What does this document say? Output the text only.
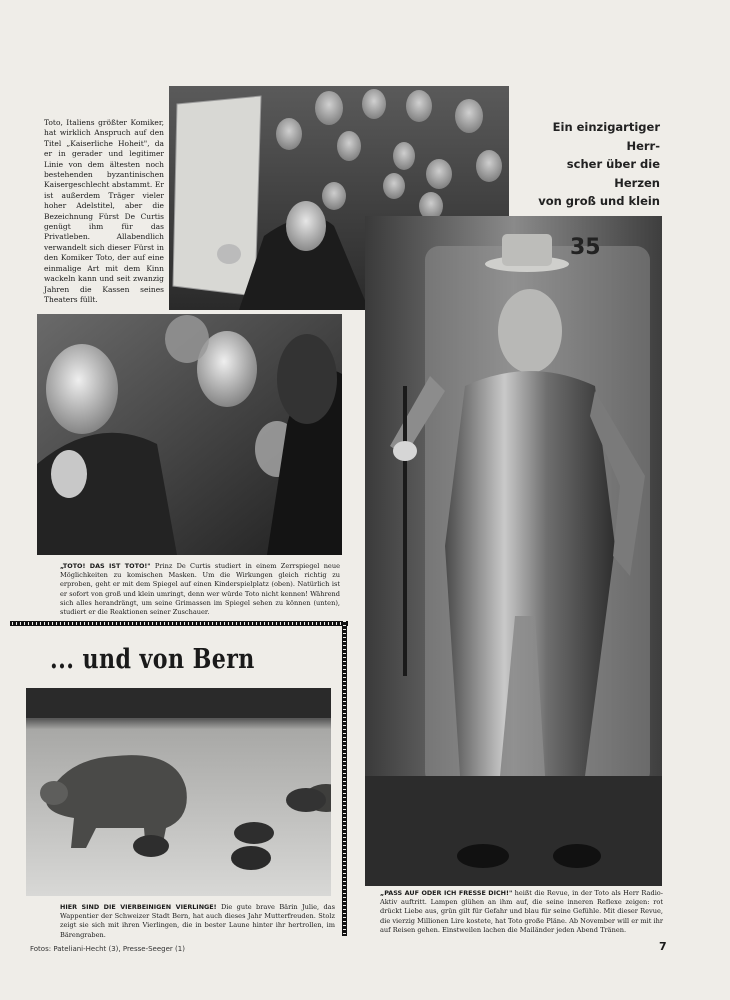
Toto, Italiens größter Komiker, hat wirklich Anspruch auf den Titel „Kaiserliche Hoheit", da er in gerader und legitimer Linie von dem ältesten noch bestehenden byzantinischen Kaisergeschlecht abstammt. Er ist außerdem Träger vieler hoher Adelstitel, aber die Bezeichnung Fürst De Curtis genügt ihm für das Privatleben. Allabendlich verwandelt sich dieser Fürst in den Komiker Toto, der auf eine einmalige Art mit dem Kinn wackeln kann und seit zwanzig Jahren die Kassen seines Theaters füllt.
Ein einzigartiger Herr-
scher über die Herzen
von groß und klein
„TOTO! DAS IST TOTO!" Prinz De Curtis studiert in einem Zerrspiegel neue Möglichkeiten zu komischen Masken. Um die Wirkungen gleich richtig zu erproben, geht er mit dem Spiegel auf einen Kinderspielplatz (oben). Natürlich ist er sofort von groß und klein umringt, denn wer würde Toto nicht kennen! Während sich alles herandrängt, um seine Grimassen im Spiegel sehen zu können (unten), studiert er die Reaktionen seiner Zuschauer.
35
„PASS AUF ODER ICH FRESSE DICH!" heißt die Revue, in der Toto als Herr Radio-Aktiv auftritt. Lampen glühen an ihm auf, die seine inneren Reflexe zeigen: rot drückt Liebe aus, grün gilt für Gefahr und blau für seine Gefühle. Mit dieser Revue, die vierzig Millionen Lire kostete, hat Toto große Pläne. Ab November will er mit ihr auf Reisen gehen. Einstweilen lachen die Mailänder jeden Abend Tränen.
... und von Bern
HIER SIND DIE VIERBEINIGEN VIERLINGE! Die gute brave Bärin Julie, das Wappentier der Schweizer Stadt Bern, hat auch dieses Jahr Mutterfreuden. Stolz zeigt sie sich mit ihren Vierlingen, die in bester Laune hinter ihr hertrollen, im Bärengraben.
Fotos: Pateliani-Hecht (3), Presse-Seeger (1)	7
